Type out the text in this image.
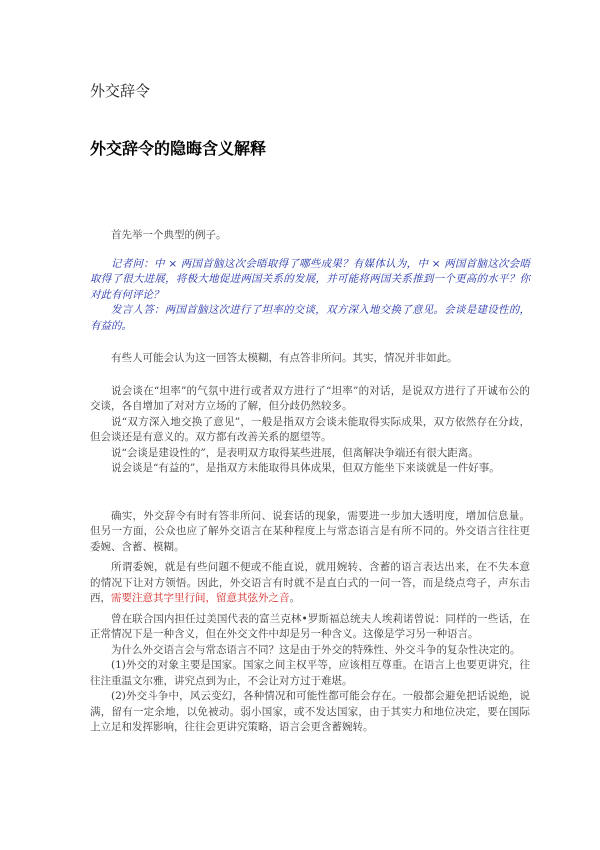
外交辞令
外交辞令的隐晦含义解释

首先举一个典型的例子。

记者问：中 × 两国首脑这次会晤取得了哪些成果？有媒体认为，中 × 两国首脑这次会晤取得了很大进展，将极大地促进两国关系的发展，并可能将两国关系推到一个更高的水平？你对此有何评论？

发言人答：两国首脑这次进行了坦率的交谈，双方深入地交换了意见。会谈是建设性的，有益的。

有些人可能会认为这一回答太模糊，有点答非所问。其实，情况并非如此。

说会谈在“坦率”的气氛中进行或者双方进行了“坦率”的对话，是说双方进行了开诚布公的交谈，各自增加了对对方立场的了解，但分歧仍然较多。

说“双方深入地交换了意见”，一般是指双方会谈未能取得实际成果，双方依然存在分歧，但会谈还是有意义的。双方都有改善关系的愿望等。

说“会谈是建设性的”，是表明双方取得某些进展，但离解决争端还有很大距离。

说会谈是“有益的”，是指双方未能取得具体成果，但双方能坐下来谈就是一件好事。

确实，外交辞令有时有答非所问、说套话的现象，需要进一步加大透明度，增加信息量。但另一方面，公众也应了解外交语言在某种程度上与常态语言是有所不同的。外交语言往往更委婉、含蓄、模糊。

所谓委婉，就是有些问题不便或不能直说，就用婉转、含蓄的语言表达出来，在不失本意的情况下让对方领悟。因此，外交语言有时就不是直白式的一问一答，而是绕点弯子，声东击西，需要注意其字里行间，留意其弦外之音。

曾在联合国内担任过美国代表的富兰克林•罗斯福总统夫人埃莉诺曾说：同样的一些话，在正常情况下是一种含义，但在外交文件中却是另一种含义。这像是学习另一种语言。

为什么外交语言会与常态语言不同？这是由于外交的特殊性、外交斗争的复杂性决定的。

(1)外交的对象主要是国家。国家之间主权平等，应该相互尊重。在语言上也要更讲究，往往注重温文尔雅，讲究点到为止，不会让对方过于难堪。

(2)外交斗争中，风云变幻，各种情况和可能性都可能会存在。一般都会避免把话说绝，说满，留有一定余地，以免被动。弱小国家，或不发达国家，由于其实力和地位决定，要在国际上立足和发挥影响，往往会更讲究策略，语言会更含蓄婉转。
